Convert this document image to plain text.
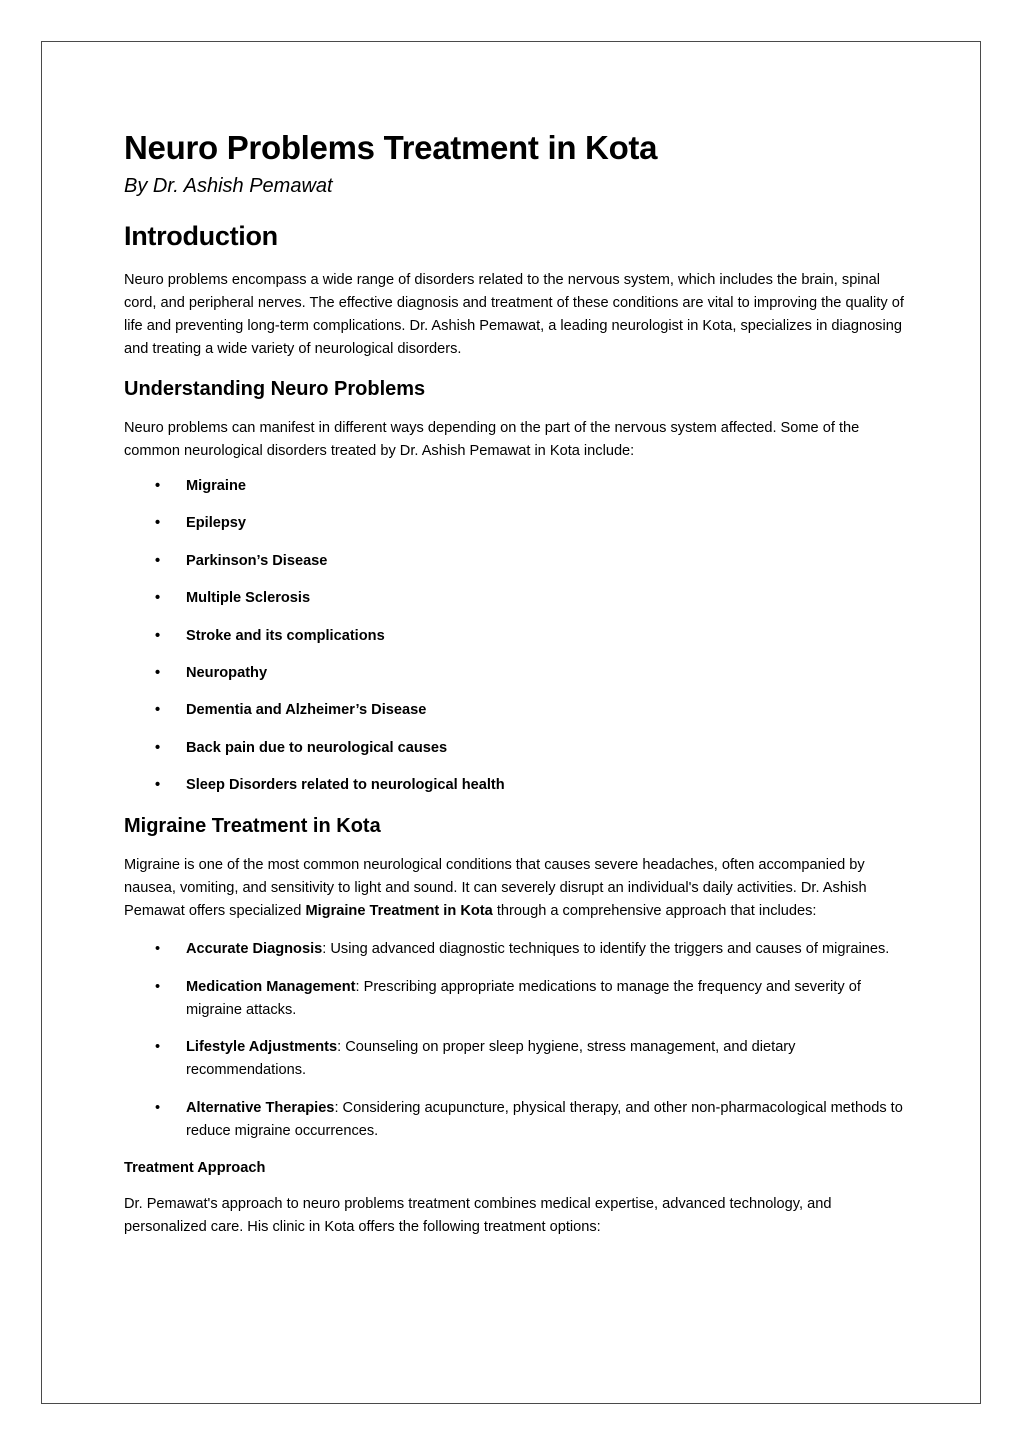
Neuro Problems Treatment in Kota
By Dr. Ashish Pemawat
Introduction

Neuro problems encompass a wide range of disorders related to the nervous system, which includes the brain, spinal cord, and peripheral nerves. The effective diagnosis and treatment of these conditions are vital to improving the quality of life and preventing long-term complications. Dr. Ashish Pemawat, a leading neurologist in Kota, specializes in diagnosing and treating a wide variety of neurological disorders.

Understanding Neuro Problems

Neuro problems can manifest in different ways depending on the part of the nervous system affected. Some of the common neurological disorders treated by Dr. Ashish Pemawat in Kota include:

• Migraine
• Epilepsy
• Parkinson’s Disease
• Multiple Sclerosis
• Stroke and its complications
• Neuropathy
• Dementia and Alzheimer’s Disease
• Back pain due to neurological causes
• Sleep Disorders related to neurological health
Migraine Treatment in Kota

Migraine is one of the most common neurological conditions that causes severe headaches, often accompanied by nausea, vomiting, and sensitivity to light and sound. It can severely disrupt an individual's daily activities. Dr. Ashish Pemawat offers specialized Migraine Treatment in Kota through a comprehensive approach that includes:

• Accurate Diagnosis: Using advanced diagnostic techniques to identify the triggers and causes of migraines.
• Medication Management: Prescribing appropriate medications to manage the frequency and severity of migraine attacks.
• Lifestyle Adjustments: Counseling on proper sleep hygiene, stress management, and dietary recommendations.
• Alternative Therapies: Considering acupuncture, physical therapy, and other non-pharmacological methods to reduce migraine occurrences.
Treatment Approach

Dr. Pemawat's approach to neuro problems treatment combines medical expertise, advanced technology, and personalized care. His clinic in Kota offers the following treatment options:
